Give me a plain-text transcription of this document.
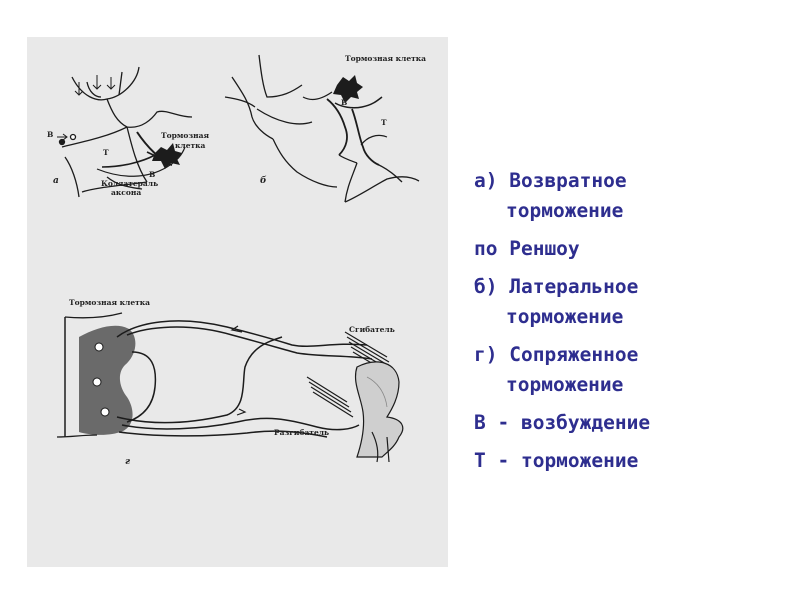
Тормозная
клетка
Коллатераль
аксона
В
Т
В
а
Тормозная клетка
В
Т
б
Тормозная клетка
Сгибатель
Разгибатель
г
а) Возвратное
торможение
по Реншоу
б) Латеральное
торможение
г) Сопряженное
торможение
В - возбуждение
Т - торможение
